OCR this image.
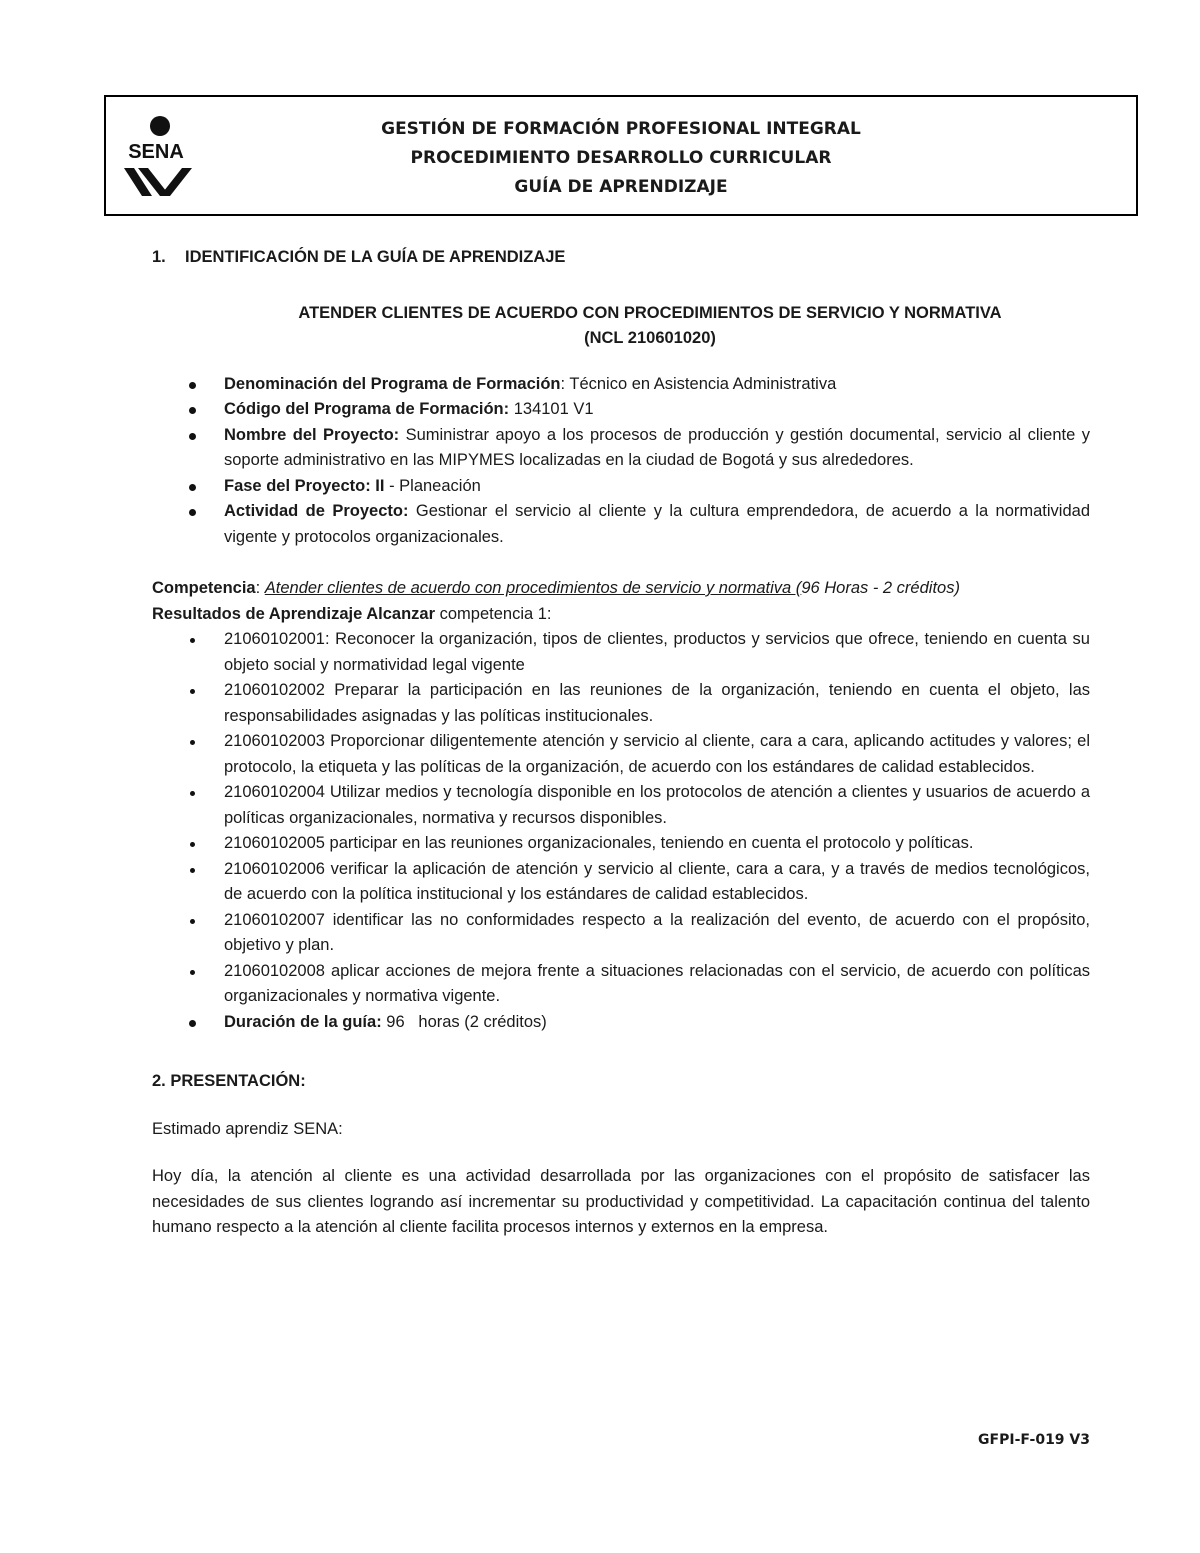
SENA
GESTIÓN DE FORMACIÓN PROFESIONAL INTEGRAL
PROCEDIMIENTO DESARROLLO CURRICULAR
GUÍA DE APRENDIZAJE

1. IDENTIFICACIÓN DE LA GUÍA DE APRENDIZAJE

ATENDER CLIENTES DE ACUERDO CON PROCEDIMIENTOS DE SERVICIO Y NORMATIVA
(NCL 210601020)
Denominación del Programa de Formación: Técnico en Asistencia Administrativa
Código del Programa de Formación: 134101 V1
Nombre del Proyecto: Suministrar apoyo a los procesos de producción y gestión documental, servicio al cliente y soporte administrativo en las MIPYMES localizadas en la ciudad de Bogotá y sus alrededores.
Fase del Proyecto: II - Planeación
Actividad de Proyecto: Gestionar el servicio al cliente y la cultura emprendedora, de acuerdo a la normatividad vigente y protocolos organizacionales.
Competencia: Atender clientes de acuerdo con procedimientos de servicio y normativa (96 Horas - 2 créditos)
Resultados de Aprendizaje Alcanzar competencia 1:
21060102001: Reconocer la organización, tipos de clientes, productos y servicios que ofrece, teniendo en cuenta su objeto social y normatividad legal vigente
21060102002 Preparar la participación en las reuniones de la organización, teniendo en cuenta el objeto, las responsabilidades asignadas y las políticas institucionales.
21060102003 Proporcionar diligentemente atención y servicio al cliente, cara a cara, aplicando actitudes y valores; el protocolo, la etiqueta y las políticas de la organización, de acuerdo con los estándares de calidad establecidos.
21060102004 Utilizar medios y tecnología disponible en los protocolos de atención a clientes y usuarios de acuerdo a políticas organizacionales, normativa y recursos disponibles.
21060102005 participar en las reuniones organizacionales, teniendo en cuenta el protocolo y políticas.
21060102006 verificar la aplicación de atención y servicio al cliente, cara a cara, y a través de medios tecnológicos, de acuerdo con la política institucional y los estándares de calidad establecidos.
21060102007 identificar las no conformidades respecto a la realización del evento, de acuerdo con el propósito, objetivo y plan.
21060102008 aplicar acciones de mejora frente a situaciones relacionadas con el servicio, de acuerdo con políticas organizacionales y normativa vigente.
Duración de la guía: 96   horas (2 créditos)
2. PRESENTACIÓN:
Estimado aprendiz SENA:
Hoy día, la atención al cliente es una actividad desarrollada por las organizaciones con el propósito de satisfacer las necesidades de sus clientes logrando así incrementar su productividad y competitividad. La capacitación continua del talento humano respecto a la atención al cliente facilita procesos internos y externos en la empresa.
GFPI-F-019 V3
